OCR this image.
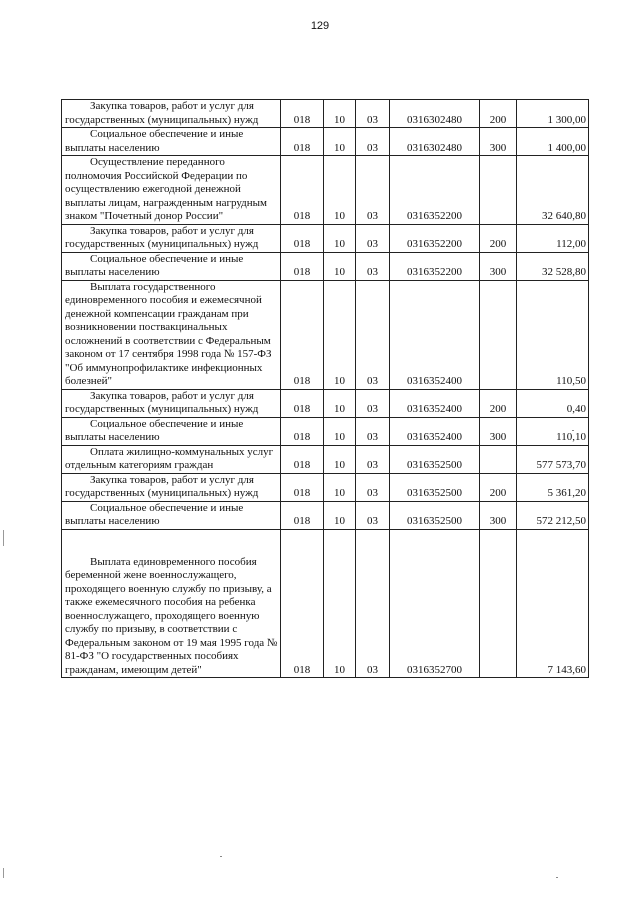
129
Закупка товаров, работ и услуг для государственных (муниципальных) нужд	018	10	03	0316302480	200	1 300,00
Социальное обеспечение и иные выплаты населению	018	10	03	0316302480	300	1 400,00
Осуществление переданного полномочия Российской Федерации по осуществлению ежегодной денежной выплаты лицам, награжденным нагрудным знаком "Почетный донор России"	018	10	03	0316352200		32 640,80
Закупка товаров, работ и услуг для государственных (муниципальных) нужд	018	10	03	0316352200	200	112,00
Социальное обеспечение и иные выплаты населению	018	10	03	0316352200	300	32 528,80
Выплата государственного единовременного пособия и ежемесячной денежной компенсации гражданам при возникновении поствакцинальных осложнений в соответствии с Федеральным законом от 17 сентября 1998 года № 157-ФЗ "Об иммунопрофилактике инфекционных болезней"	018	10	03	0316352400		110,50
Закупка товаров, работ и услуг для государственных (муниципальных) нужд	018	10	03	0316352400	200	0,40
Социальное обеспечение и иные выплаты населению	018	10	03	0316352400	300	110,10
Оплата жилищно-коммунальных услуг отдельным категориям граждан	018	10	03	0316352500		577 573,70
Закупка товаров, работ и услуг для государственных (муниципальных) нужд	018	10	03	0316352500	200	5 361,20
Социальное обеспечение и иные выплаты населению	018	10	03	0316352500	300	572 212,50
Выплата единовременного пособия беременной жене военнослужащего, проходящего военную службу по призыву, а также ежемесячного пособия на ребенка военнослужащего, проходящего военную службу по призыву, в соответствии с Федеральным законом от 19 мая 1995 года № 81-ФЗ "О государственных пособиях гражданам, имеющим детей"	018	10	03	0316352700		7 143,60
